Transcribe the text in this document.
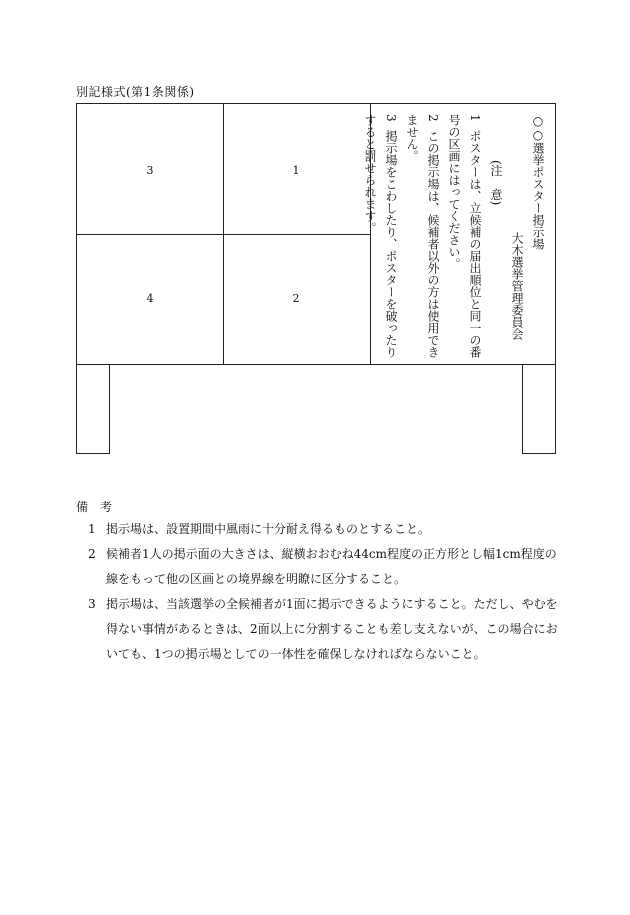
別記様式(第1条関係)
3	1
4	2
○○選挙ポスター掲示場
大木選挙管理委員会
(注　意)
1
ポスターは、立候補の届出順位と同一の番
号の区画にはってください。
2
この掲示場は、候補者以外の方は使用でき
ません。
3
掲示場をこわしたり、ポスターを破ったり
すると罰せられます。
備考
1 掲示場は、設置期間中風雨に十分耐え得るものとすること。
2 候補者1人の掲示面の大きさは、縦横おおむね44cm程度の正方形とし幅1cm程度の線をもって他の区画との境界線を明瞭に区分すること。
3 掲示場は、当該選挙の全候補者が1面に掲示できるようにすること。ただし、やむを得ない事情があるときは、2面以上に分割することも差し支えないが、この場合においても、1つの掲示場としての一体性を確保しなければならないこと。
